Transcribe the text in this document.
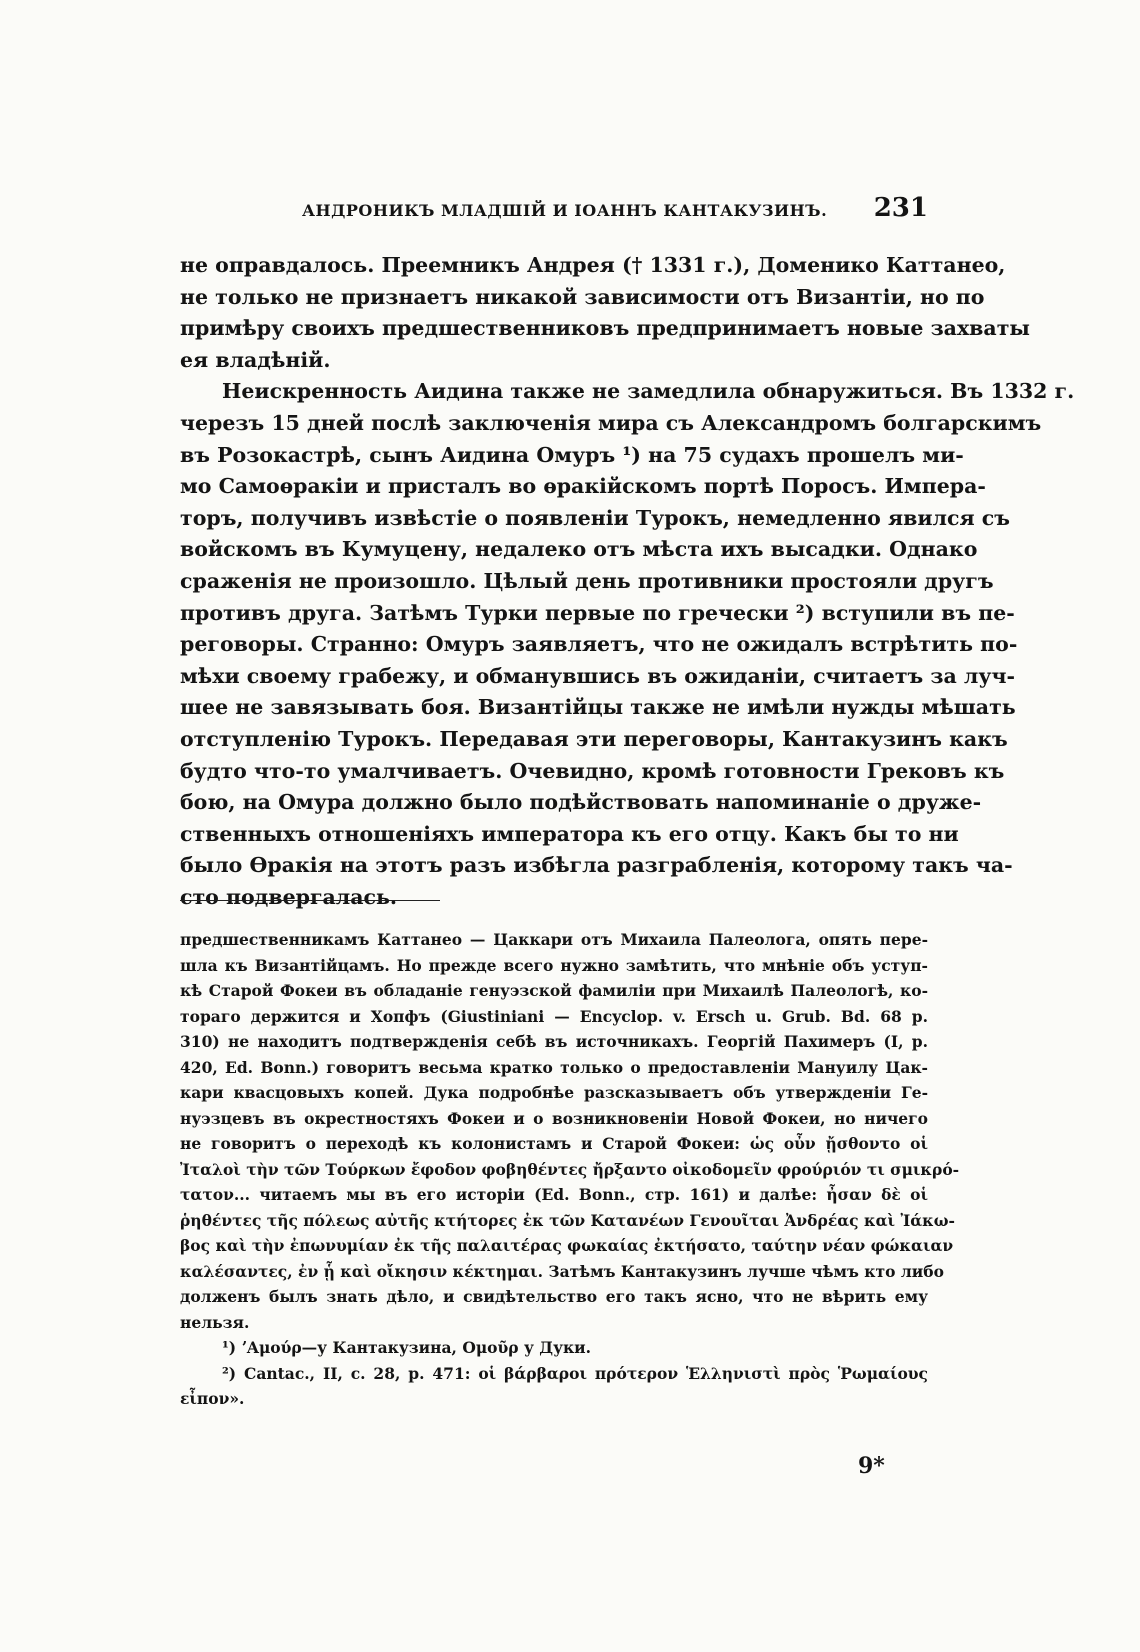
АНДРОНИКЪ МЛАДШІЙ И ІОАННЪ КАНТАКУЗИНЪ. 231
не оправдалось. Преемникъ Андрея († 1331 г.), Доменико Каттанео,
не только не признаетъ никакой зависимости отъ Византіи, но по
примѣру своихъ предшественниковъ предпринимаетъ новые захваты
ея владѣній.
Неискренность Аидина также не замедлила обнаружиться. Въ 1332 г.
черезъ 15 дней послѣ заключенія мира съ Александромъ болгарскимъ
въ Розокастрѣ, сынъ Аидина Омуръ ¹) на 75 судахъ прошелъ ми-
мо Самоѳракіи и присталъ во ѳракійскомъ портѣ Поросъ. Импера-
торъ, получивъ извѣстіе о появленіи Турокъ, немедленно явился съ
войскомъ въ Кумуцену, недалеко отъ мѣста ихъ высадки. Однако
сраженія не произошло. Цѣлый день противники простояли другъ
противъ друга. Затѣмъ Турки первые по гречески ²) вступили въ пе-
реговоры. Странно: Омуръ заявляетъ, что не ожидалъ встрѣтить по-
мѣхи своему грабежу, и обманувшись въ ожиданіи, считаетъ за луч-
шее не завязывать боя. Византійцы также не имѣли нужды мѣшать
отступленію Турокъ. Передавая эти переговоры, Кантакузинъ какъ
будто что-то умалчиваетъ. Очевидно, кромѣ готовности Грековъ къ
бою, на Омура должно было подѣйствовать напоминаніе о друже-
ственныхъ отношеніяхъ императора къ его отцу. Какъ бы то ни
было Ѳракія на этотъ разъ избѣгла разграбленія, которому такъ ча-
сто подвергалась.
предшественникамъ Каттанео — Цаккари отъ Михаила Палеолога, опять пере-
шла къ Византійцамъ. Но прежде всего нужно замѣтить, что мнѣніе объ уступ-
кѣ Старой Фокеи въ обладаніе генуэзской фамиліи при Михаилѣ Палеологѣ, ко-
тораго держится и Хопфъ (Giustiniani — Encyclop. v. Ersch u. Grub. Bd. 68 p.
310) не находитъ подтвержденія себѣ въ источникахъ. Георгій Пахимеръ (I, p.
420, Ed. Bonn.) говоритъ весьма кратко только о предоставленіи Мануилу Цак-
кари квасцовыхъ копей. Дука подробнѣе разсказываетъ объ утвержденіи Ге-
нуэзцевъ въ окрестностяхъ Фокеи и о возникновеніи Новой Фокеи, но ничего
не говоритъ о переходѣ къ колонистамъ и Старой Фокеи: ὡς οὖν ᾔσθοντο οἱ
Ἰταλοὶ τὴν τῶν Τούρκων ἔφοδον φοβηθέντες ἤρξαντο οἰκοδομεῖν φρούριόν τι σμικρό-
τατον... читаемъ мы въ его исторіи (Ed. Bonn., стр. 161) и далѣе: ἦσαν δὲ οἱ
ῥηθέντες τῆς πόλεως αὐτῆς κτήτορες ἐκ τῶν Κατανέων Γενουῖται Ἀνδρέας καὶ Ἰάκω-
βος καὶ τὴν ἐπωνυμίαν ἐκ τῆς παλαιτέρας φωκαίας ἐκτήσατο, ταύτην νέαν φώκαιαν
καλέσαντες, ἐν ᾗ καὶ οἴκησιν κέκτημαι. Затѣмъ Кантакузинъ лучше чѣмъ кто либо
долженъ былъ знать дѣло, и свидѣтельство его такъ ясно, что не вѣрить ему
нельзя.
¹) ʼΑμούρ—у Кантакузина, Ομοῦρ у Дуки.
²) Cantac., II, c. 28, p. 471: οἱ βάρβαροι πρότερον Ἑλληνιστὶ πρὸς Ῥωμαίους
εἶπον».
9*
